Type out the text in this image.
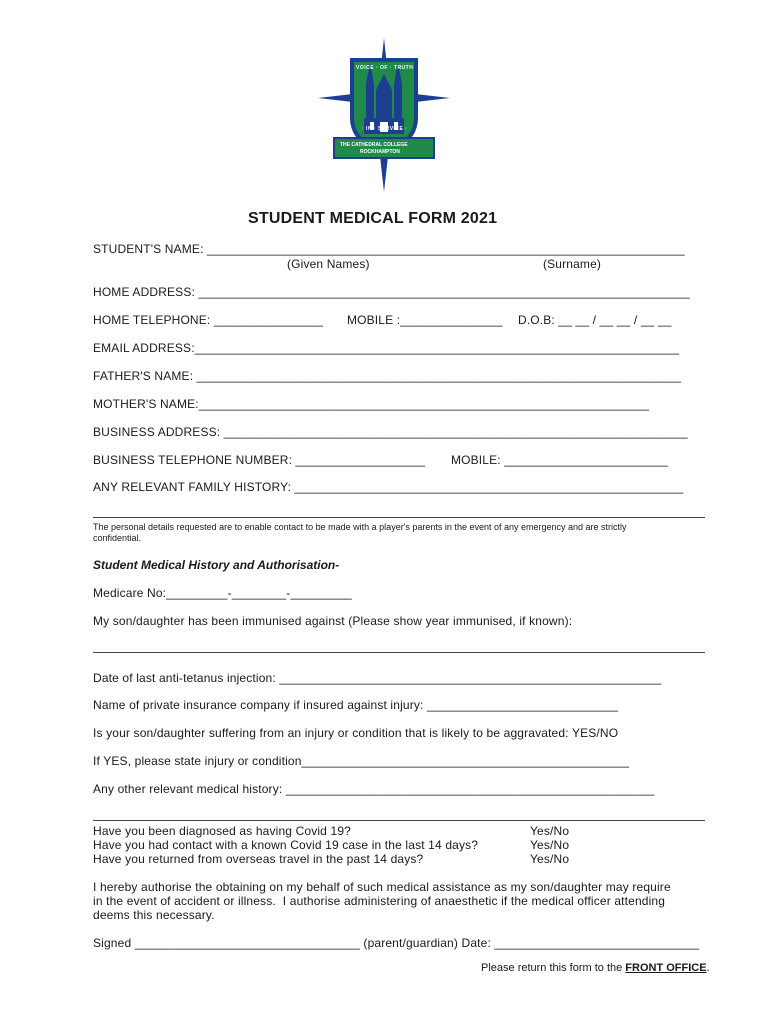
VOICE · OF · TRUTH
· IN · SERVICE ·
THE CATHEDRAL COLLEGE
ROCKHAMPTON
STUDENT MEDICAL FORM 2021
STUDENT'S NAME: ______________________________________________________________________
(Given Names)	(Surname)
HOME ADDRESS: ________________________________________________________________________
HOME TELEPHONE: ________________ MOBILE :_______________ D.O.B: __ __ / __ __ / __ __
EMAIL ADDRESS:_______________________________________________________________________
FATHER'S NAME: _______________________________________________________________________
MOTHER'S NAME:__________________________________________________________________
BUSINESS ADDRESS: ____________________________________________________________________
BUSINESS TELEPHONE NUMBER: ___________________ MOBILE: ________________________
ANY RELEVANT FAMILY HISTORY: _________________________________________________________
The personal details requested are to enable contact to be made with a player's parents in the event of any emergency and are strictly
confidential.
Student Medical History and Authorisation-
Medicare No:_________-________-_________
My son/daughter has been immunised against (Please show year immunised, if known):
Date of last anti-tetanus injection: ________________________________________________________
Name of private insurance company if insured against injury: ____________________________
Is your son/daughter suffering from an injury or condition that is likely to be aggravated: YES/NO
If YES, please state injury or condition________________________________________________
Any other relevant medical history: ______________________________________________________
Have you been diagnosed as having Covid 19?	Yes/No
Have you had contact with a known Covid 19 case in the last 14 days?	Yes/No
Have you returned from overseas travel in the past 14 days?	Yes/No
I hereby authorise the obtaining on my behalf of such medical assistance as my son/daughter may require
in the event of accident or illness.  I authorise administering of anaesthetic if the medical officer attending
deems this necessary.
Signed _________________________________ (parent/guardian) Date: ______________________________
Please return this form to the FRONT OFFICE.
